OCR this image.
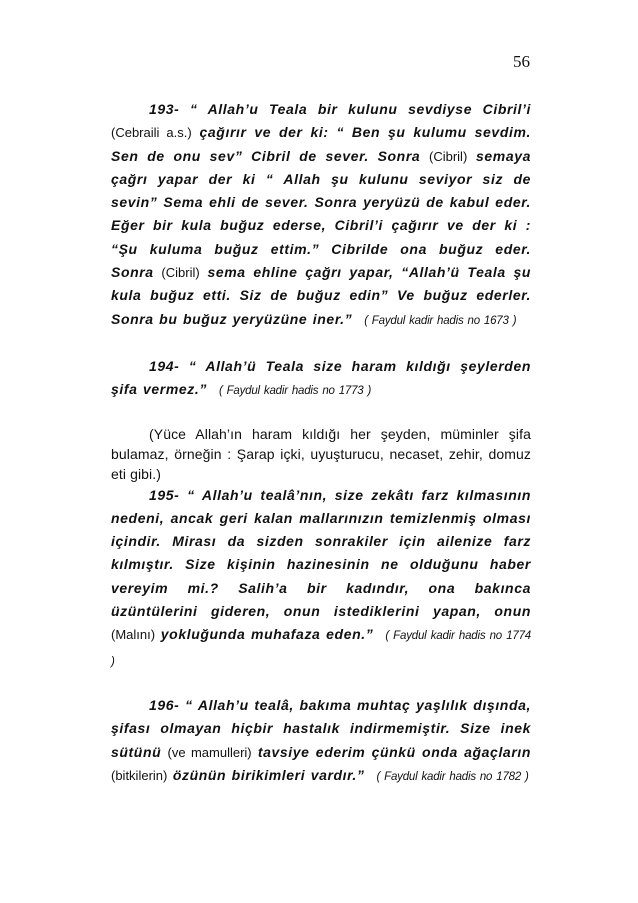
56

193- “ Allah’u Teala bir kulunu sevdiyse Cibril’i (Cebraili a.s.) çağırır ve der ki: “ Ben şu kulumu sevdim. Sen de onu sev” Cibril de sever. Sonra (Cibril) semaya çağrı yapar der ki “ Allah şu kulunu seviyor siz de sevin” Sema ehli de sever. Sonra yeryüzü de kabul eder. Eğer bir kula buğuz ederse, Cibril’i çağırır ve der ki : “Şu kuluma buğuz ettim.” Cibrilde ona buğuz eder. Sonra (Cibril) sema ehline çağrı yapar, “Allah’ü Teala şu kula buğuz etti. Siz de buğuz edin” Ve buğuz ederler. Sonra bu buğuz yeryüzüne iner.” ( Faydul kadir hadis no 1673 )

194- “ Allah’ü Teala size haram kıldığı şeylerden şifa vermez.” ( Faydul kadir hadis no 1773 )

(Yüce Allah’ın haram kıldığı her şeyden, müminler şifa bulamaz, örneğin : Şarap içki, uyuşturucu, necaset, zehir, domuz eti gibi.)

195- “ Allah’u tealâ’nın, size zekâtı farz kılmasının nedeni, ancak geri kalan mallarınızın temizlenmiş olması içindir. Mirası da sizden sonrakiler için ailenize farz kılmıştır. Size kişinin hazinesinin ne olduğunu haber vereyim mi.? Salih’a bir kadındır, ona bakınca üzüntülerini gideren, onun istediklerini yapan, onun (Malını) yokluğunda muhafaza eden.” ( Faydul kadir hadis no 1774 )

196- “ Allah’u tealâ, bakıma muhtaç yaşlılık dışında, şifası olmayan hiçbir hastalık indirmemiştir. Size inek sütünü (ve mamulleri) tavsiye ederim çünkü onda ağaçların (bitkilerin) özünün birikimleri vardır.” ( Faydul kadir hadis no 1782 )
